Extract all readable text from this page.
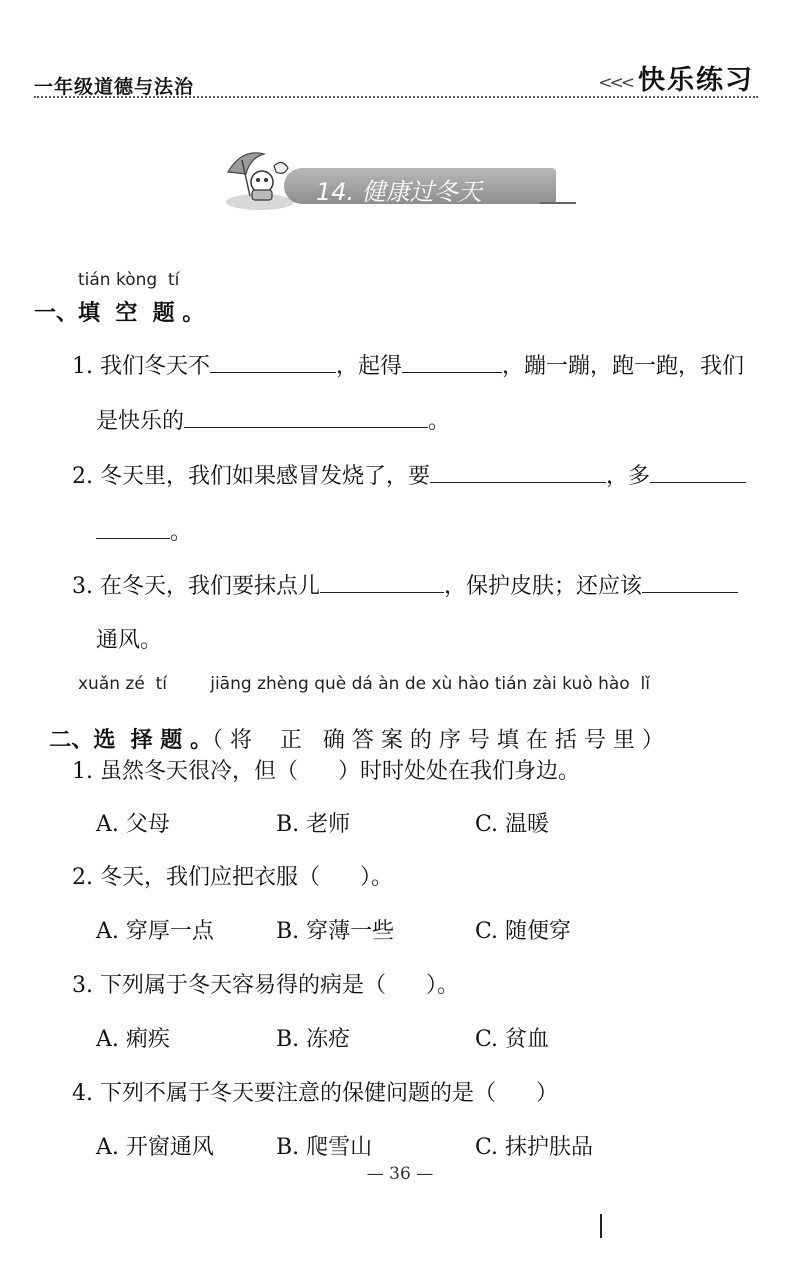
一年级道德与法治	<<< 快乐练习
14. 健康过冬天
tián kòng  tí
一、填  空  题 。
1. 我们冬天不	，起得	，蹦一蹦，跑一跑，我们
是快乐的	。
2. 冬天里，我们如果感冒发烧了，要	，多
。
3. 在冬天，我们要抹点儿	，保护皮肤；还应该
通风。
xuǎn zé  tí        jiāng zhèng què dá àn de xù hào tián zài kuò hào  lǐ

二、选  择 题 。（ 将    正   确 答 案 的 序 号 填 在 括 号 里 ）

1. 虽然冬天很冷，但（ ）时时处处在我们身边。
A. 父母	B. 老师	C. 温暖
2. 冬天，我们应把衣服（ ）。
A. 穿厚一点	B. 穿薄一些	C. 随便穿
3. 下列属于冬天容易得的病是（ ）。
A. 痢疾	B. 冻疮	C. 贫血
4. 下列不属于冬天要注意的保健问题的是（ ）
A. 开窗通风	B. 爬雪山	C. 抹护肤品
— 36 —
